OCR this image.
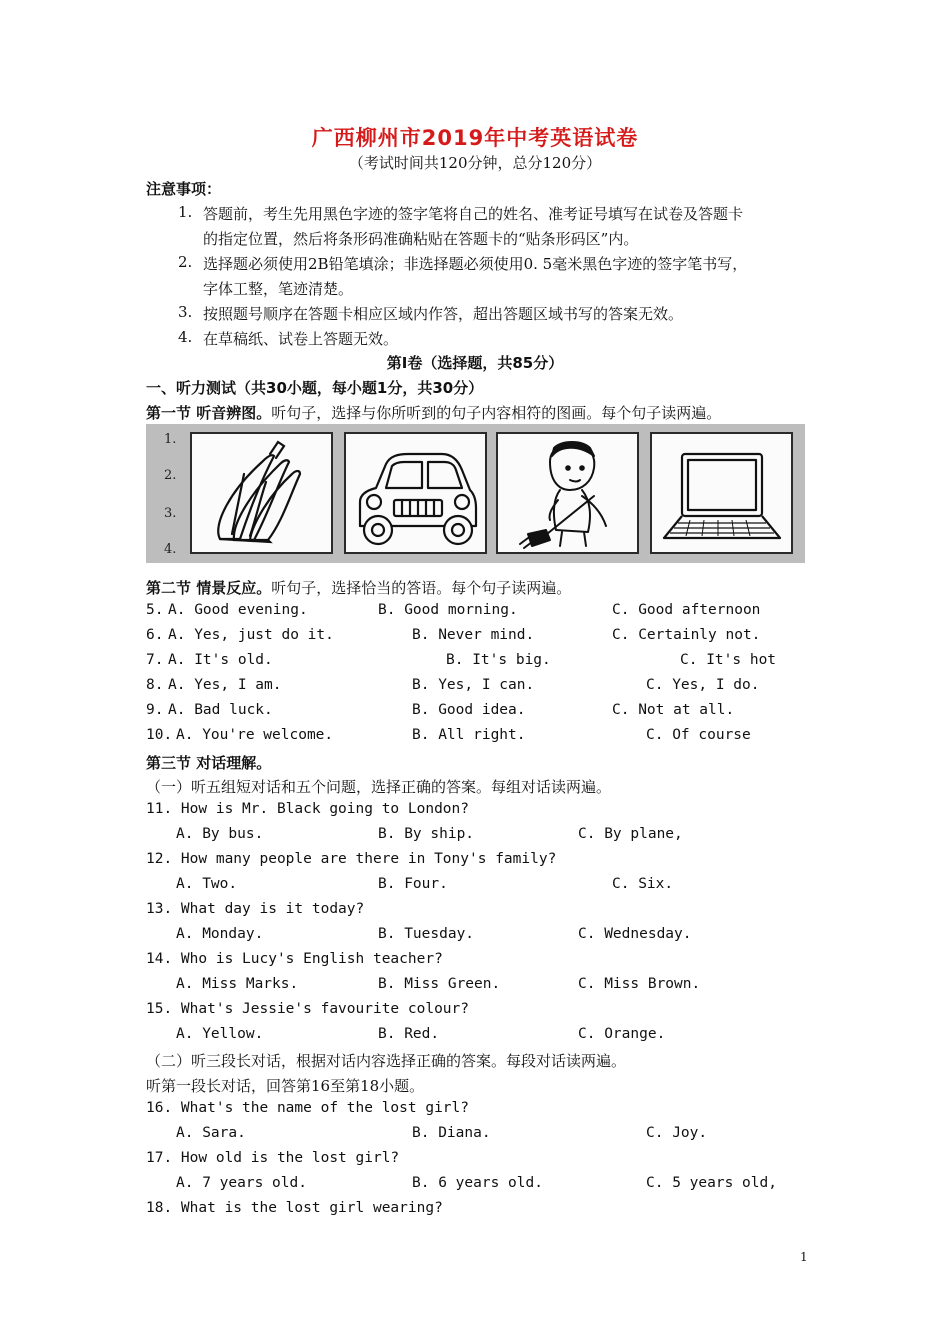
广西柳州市2019年中考英语试卷
（考试时间共120分钟，总分120分）
注意事项：
1. 答题前，考生先用黑色字迹的签字笔将自己的姓名、准考证号填写在试卷及答题卡
的指定位置，然后将条形码准确粘贴在答题卡的“贴条形码区”内。
2. 选择题必须使用2B铅笔填涂；非选择题必须使用0. 5毫米黑色字迹的签字笔书写，
字体工整，笔迹清楚。
3. 按照题号顺序在答题卡相应区域内作答，超出答题区域书写的答案无效。
4. 在草稿纸、试卷上答题无效。
第Ⅰ卷（选择题，共85分）
一、听力测试（共30小题，每小题1分，共30分）
第一节 听音辨图。听句子，选择与你所听到的句子内容相符的图画。每个句子读两遍。
1.
2.
3.
4.
第二节 情景反应。听句子，选择恰当的答语。每个句子读两遍。
5. A. Good evening.	B. Good morning.	C. Good afternoon
6. A. Yes, just do it.	B. Never mind.	C. Certainly not.
7. A. It's old.	B. It's big.	C. It's hot
8. A. Yes, I am.	B. Yes, I can.	C. Yes, I do.
9. A. Bad luck.	B. Good idea.	C. Not at all.
10. A. You're welcome.	B. All right.	C. Of course
第三节 对话理解。
（一）听五组短对话和五个问题，选择正确的答案。每组对话读两遍。
11. How is Mr. Black going to London?
A. By bus.	B. By ship.	C. By plane,
12. How many people are there in Tony's family?
A. Two.	B. Four.	C. Six.
13. What day is it today?
A. Monday.	B. Tuesday.	C. Wednesday.
14. Who is Lucy's English teacher?
A. Miss Marks.	B. Miss Green.	C. Miss Brown.
15. What's Jessie's favourite colour?
A. Yellow.	B. Red.	C. Orange.
（二）听三段长对话，根据对话内容选择正确的答案。每段对话读两遍。
听第一段长对话，回答第16至第18小题。
16. What's the name of the lost girl?
A. Sara.	B. Diana.	C. Joy.
17. How old is the lost girl?
A. 7 years old.	B. 6 years old.	C. 5 years old,
18. What is the lost girl wearing?
1
